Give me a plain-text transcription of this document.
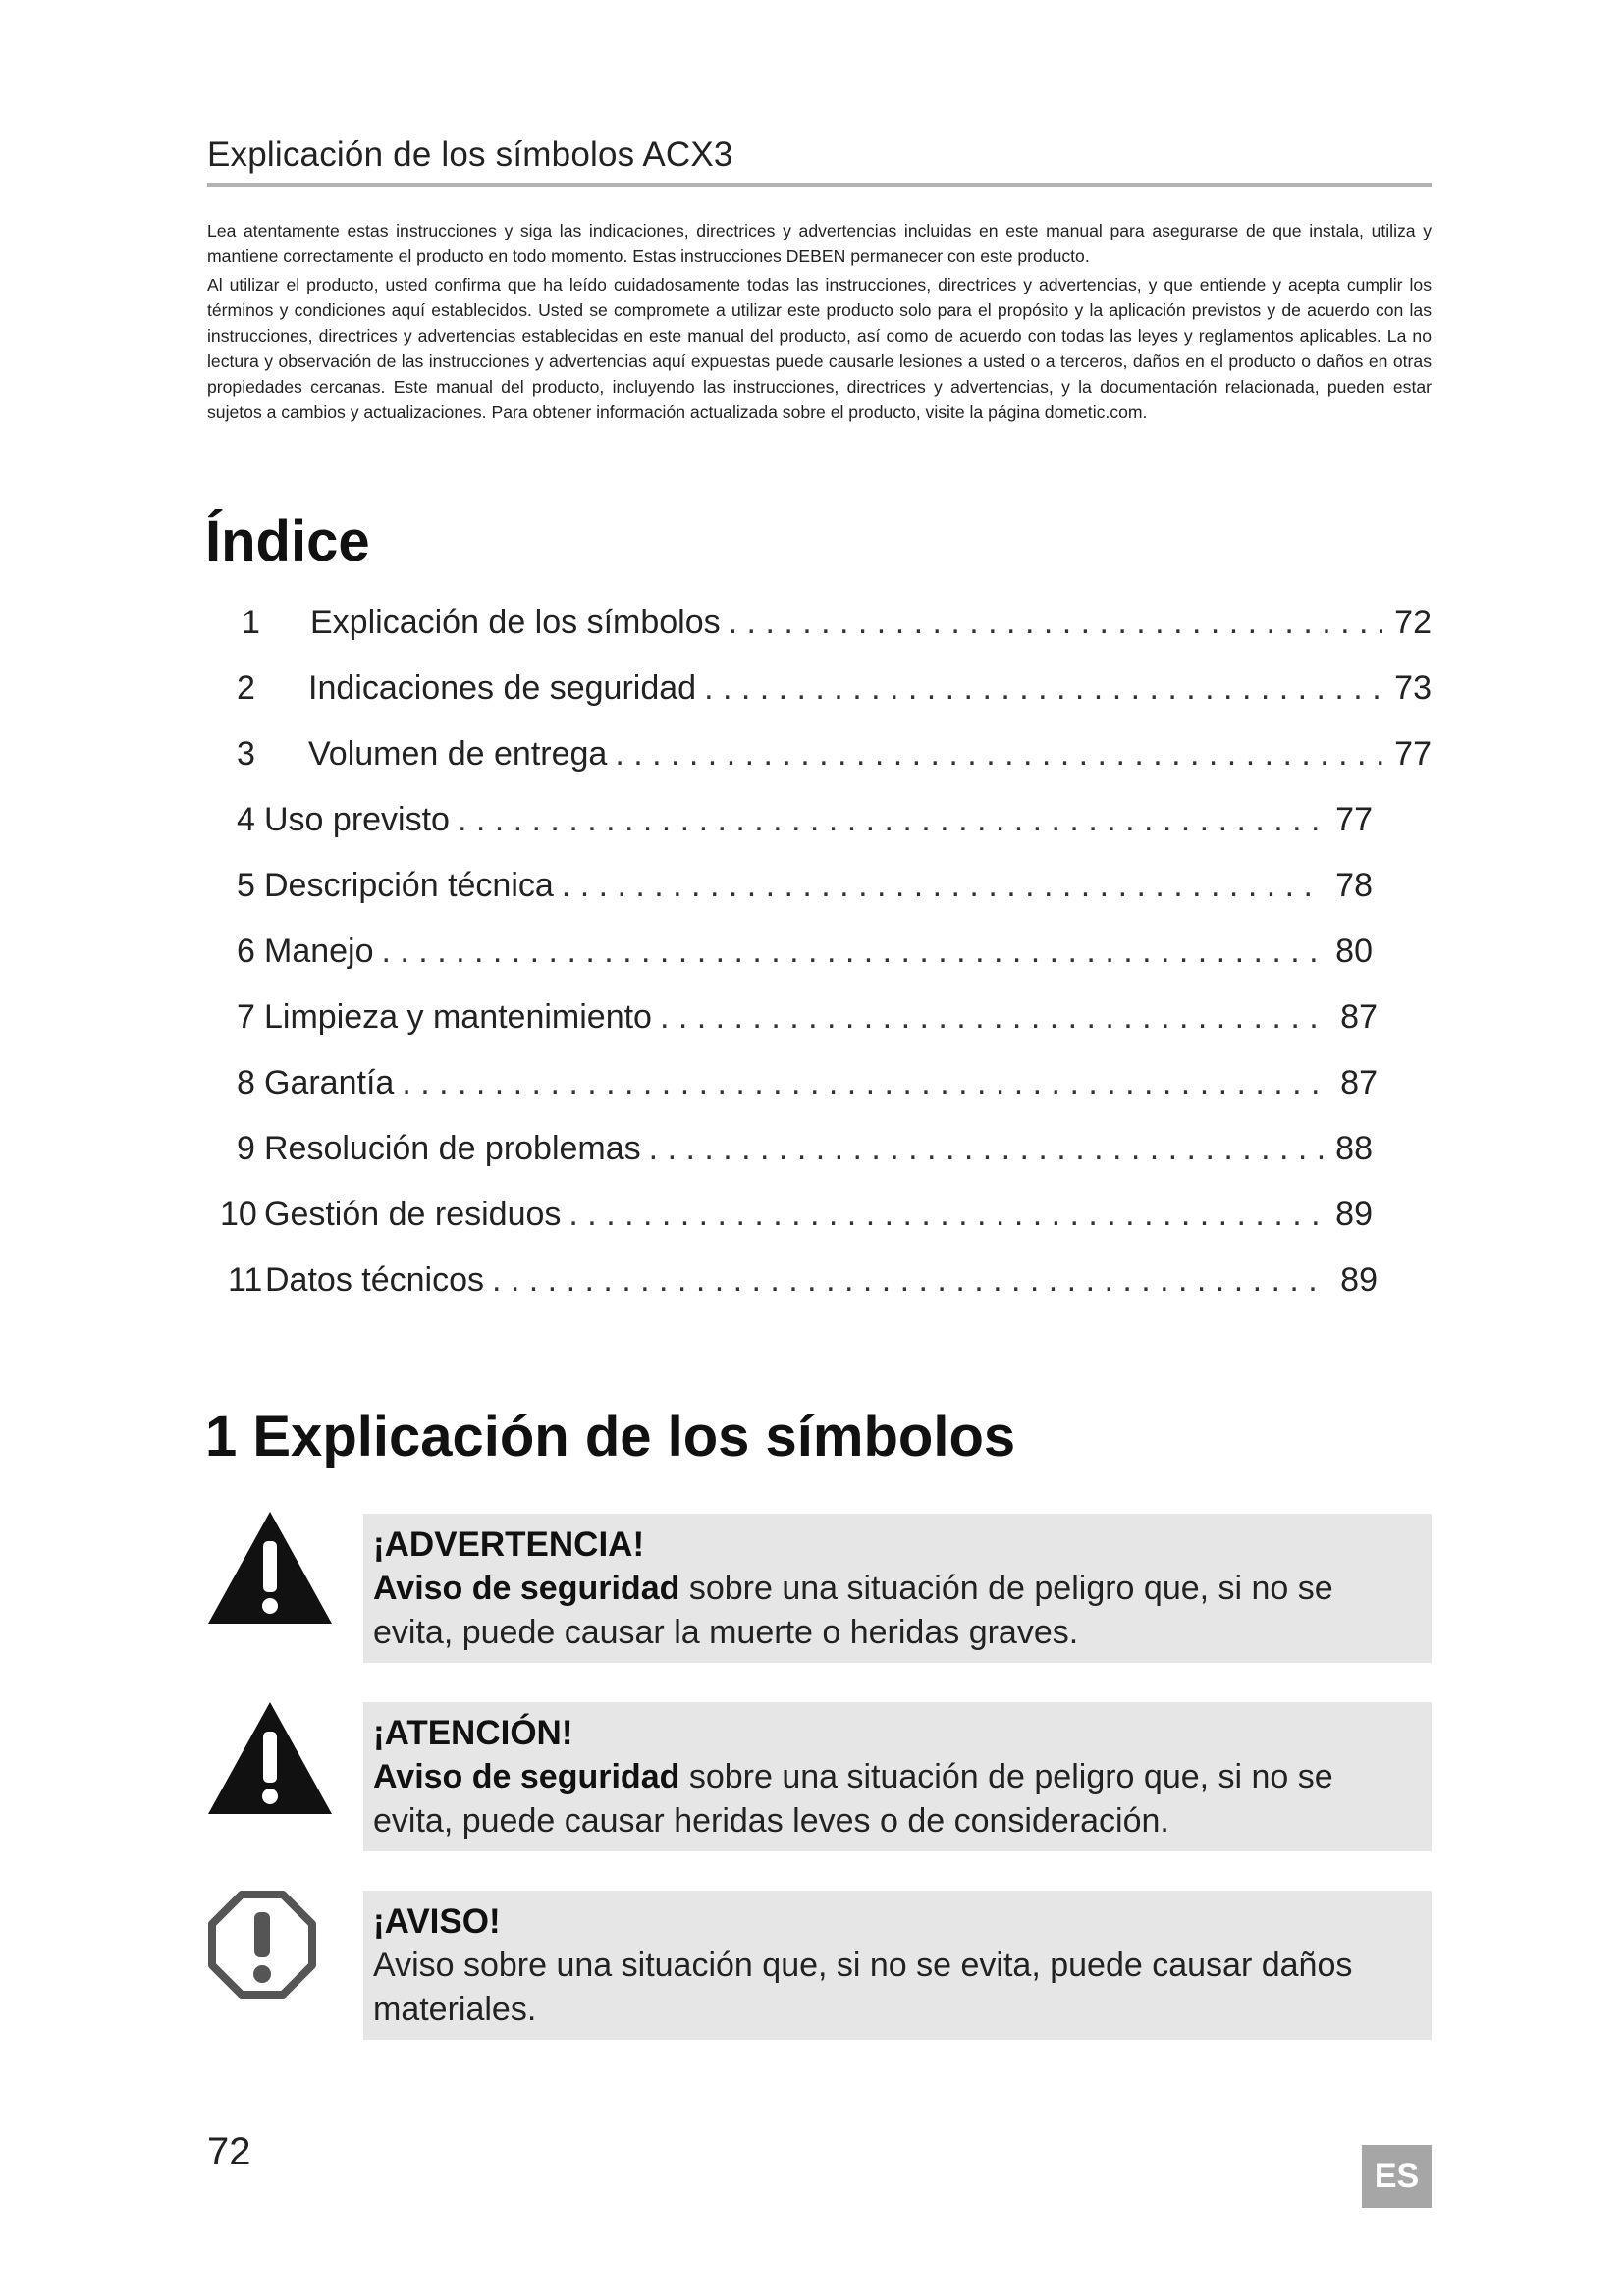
Explicación de los símbolos ACX3

Lea atentamente estas instrucciones y siga las indicaciones, directrices y advertencias incluidas en este manual para asegurarse de que instala, utiliza y mantiene correctamente el producto en todo momento. Estas instrucciones DEBEN permanecer con este producto.

Al utilizar el producto, usted confirma que ha leído cuidadosamente todas las instrucciones, directrices y advertencias, y que entiende y acepta cumplir los términos y condiciones aquí establecidos. Usted se compromete a utilizar este producto solo para el propósito y la aplicación previstos y de acuerdo con las instrucciones, directrices y advertencias establecidas en este manual del producto, así como de acuerdo con todas las leyes y reglamentos aplicables. La no lectura y observación de las instrucciones y advertencias aquí expuestas puede causarle lesiones a usted o a terceros, daños en el producto o daños en otras propiedades cercanas. Este manual del producto, incluyendo las instrucciones, directrices y advertencias, y la documentación relacionada, pueden estar sujetos a cambios y actualizaciones. Para obtener información actualizada sobre el producto, visite la página dometic.com.

Índice
1	Explicación de los símbolos . . .	72
2	Indicaciones de seguridad . . .	73
3	Volumen de entrega . . .	77
4 Uso previsto . . .	77
5 Descripción técnica . . .	78
6 Manejo . . .	80
7 Limpieza y mantenimiento . . .	87
8 Garantía . . .	87
9 Resolución de problemas . . .	88
10 Gestión de residuos . . .	89
11 Datos técnicos . . .	89
1 Explicación de los símbolos
¡ADVERTENCIA!
Aviso de seguridad sobre una situación de peligro que, si no se evita, puede causar la muerte o heridas graves.
¡ATENCIÓN!
Aviso de seguridad sobre una situación de peligro que, si no se evita, puede causar heridas leves o de consideración.
¡AVISO!
Aviso sobre una situación que, si no se evita, puede causar daños materiales.
72
ES
